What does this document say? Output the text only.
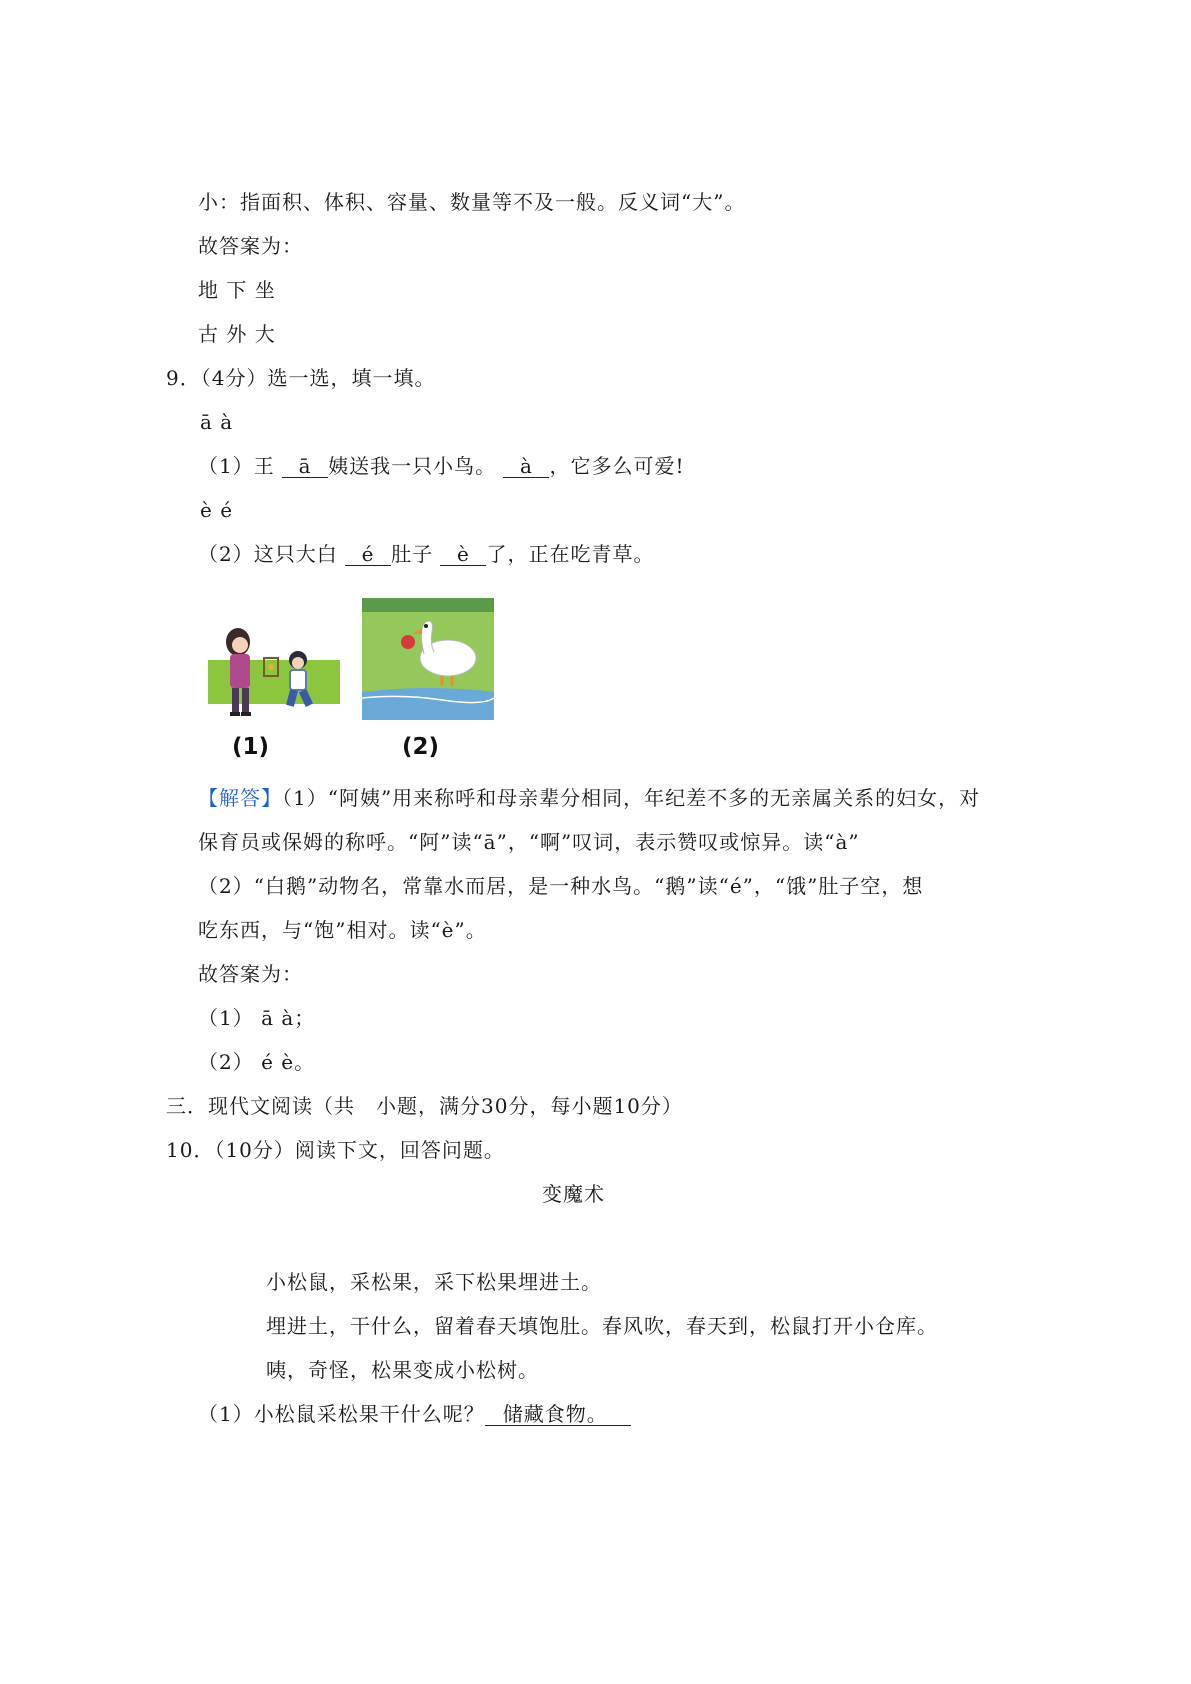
小：指面积、体积、容量、数量等不及一般。反义词“大”。
故答案为：
地 下 坐
古 外 大
9．（4分）选一选，填一填。
ā à
（1）王 ā 姨送我一只小鸟。 à ，它多么可爱!
è é
（2）这只大白 é 肚子 è 了，正在吃青草。
(1)	(2)
【解答】（1）“阿姨”用来称呼和母亲辈分相同，年纪差不多的无亲属关系的妇女，对
保育员或保姆的称呼。“阿”读“ā”，“啊”叹词，表示赞叹或惊异。读“à”
（2）“白鹅”动物名，常靠水而居，是一种水鸟。“鹅”读“é”，“饿”肚子空，想
吃东西，与“饱”相对。读“è”。
故答案为：
（1） ā à；
（2） é è。
三．现代文阅读（共　小题，满分30分，每小题10分）
10．（10分）阅读下文，回答问题。
变魔术
小松鼠，采松果，采下松果埋进土。
埋进土，干什么，留着春天填饱肚。春风吹，春天到，松鼠打开小仓库。
咦，奇怪，松果变成小松树。
（1）小松鼠采松果干什么呢？ 储藏食物。
